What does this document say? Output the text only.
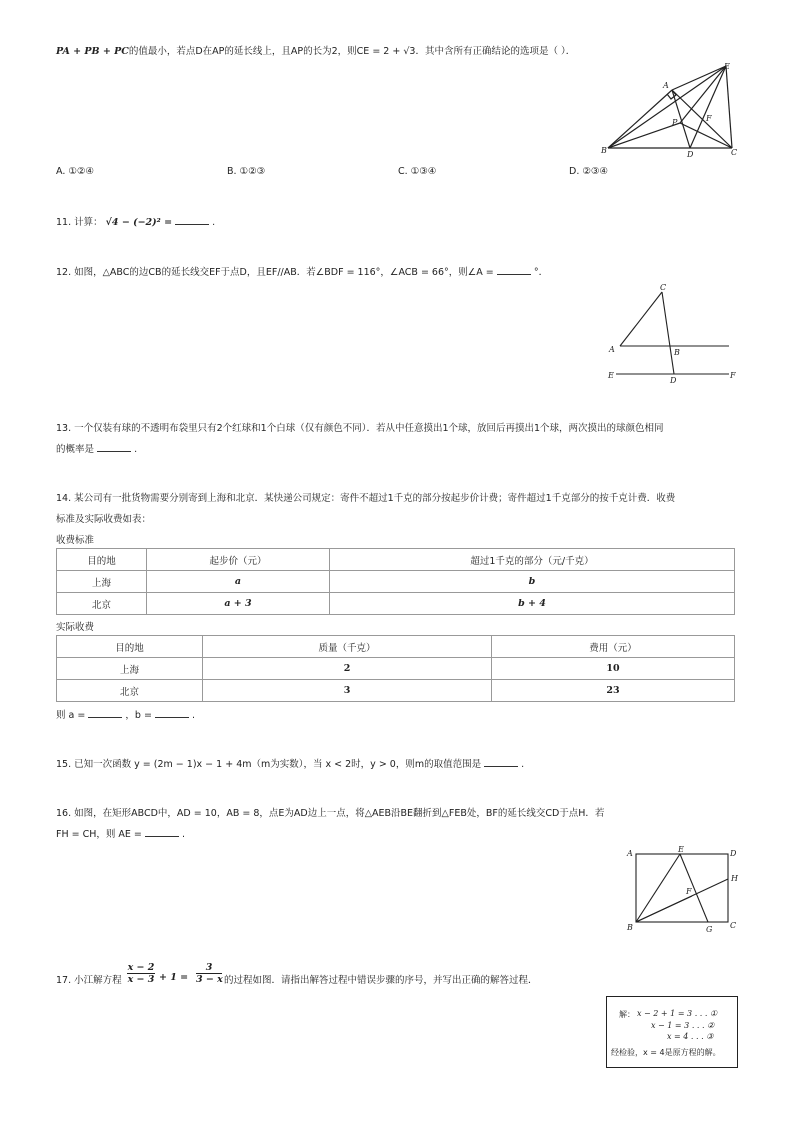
PA + PB + PC的值最小，若点D在AP的延长线上，且AP的长为2，则CE = 2 + √3．其中含所有正确结论的选项是（ ）．
A
E
P	F
B	D	C
A. ①②④	B. ①②③	C. ①③④	D. ②③④
11. 计算： √4 − (−2)² =	.
12. 如图，△ABC的边CB的延长线交EF于点D，且EF//AB．若∠BDF = 116°，∠ACB = 66°，则∠A =	°．
C
A	B
E
D
F
13. 一个仅装有球的不透明布袋里只有2个红球和1个白球（仅有颜色不同）．若从中任意摸出1个球，放回后再摸出1个球，两次摸出的球颜色相同
的概率是	.
14. 某公司有一批货物需要分别寄到上海和北京．某快递公司规定：寄件不超过1千克的部分按起步价计费；寄件超过1千克部分的按千克计费．收费
标准及实际收费如表：
收费标准
目的地	起步价（元）	超过1千克的部分（元/千克）
上海	a	b
北京	a + 3	b + 4
实际收费
目的地	质量（千克）	费用（元）
上海	2	10
北京	3	23
则 a =	，b =	.
15. 已知一次函数 y = (2m − 1)x − 1 + 4m（m为实数），当 x < 2时，y > 0，则m的取值范围是	.
16. 如图，在矩形ABCD中，AD = 10，AB = 8，点E为AD边上一点，将△AEB沿BE翻折到△FEB处，BF的延长线交CD于点H．若
FH = CH，则 AE =	.
A	E	D
H
F
B	G C
17. 小江解方程 $\frac{x - 2}{x - 3} + 1 = \frac{3}{3 - x}$ 的过程如图．请指出解答过程中错误步骤的序号，并写出正确的解答过程．
解： x − 2 + 1 = 3 . . . ①
x − 1 = 3 . . . ②
x = 4 . . . ③
经检验，x = 4是原方程的解。
